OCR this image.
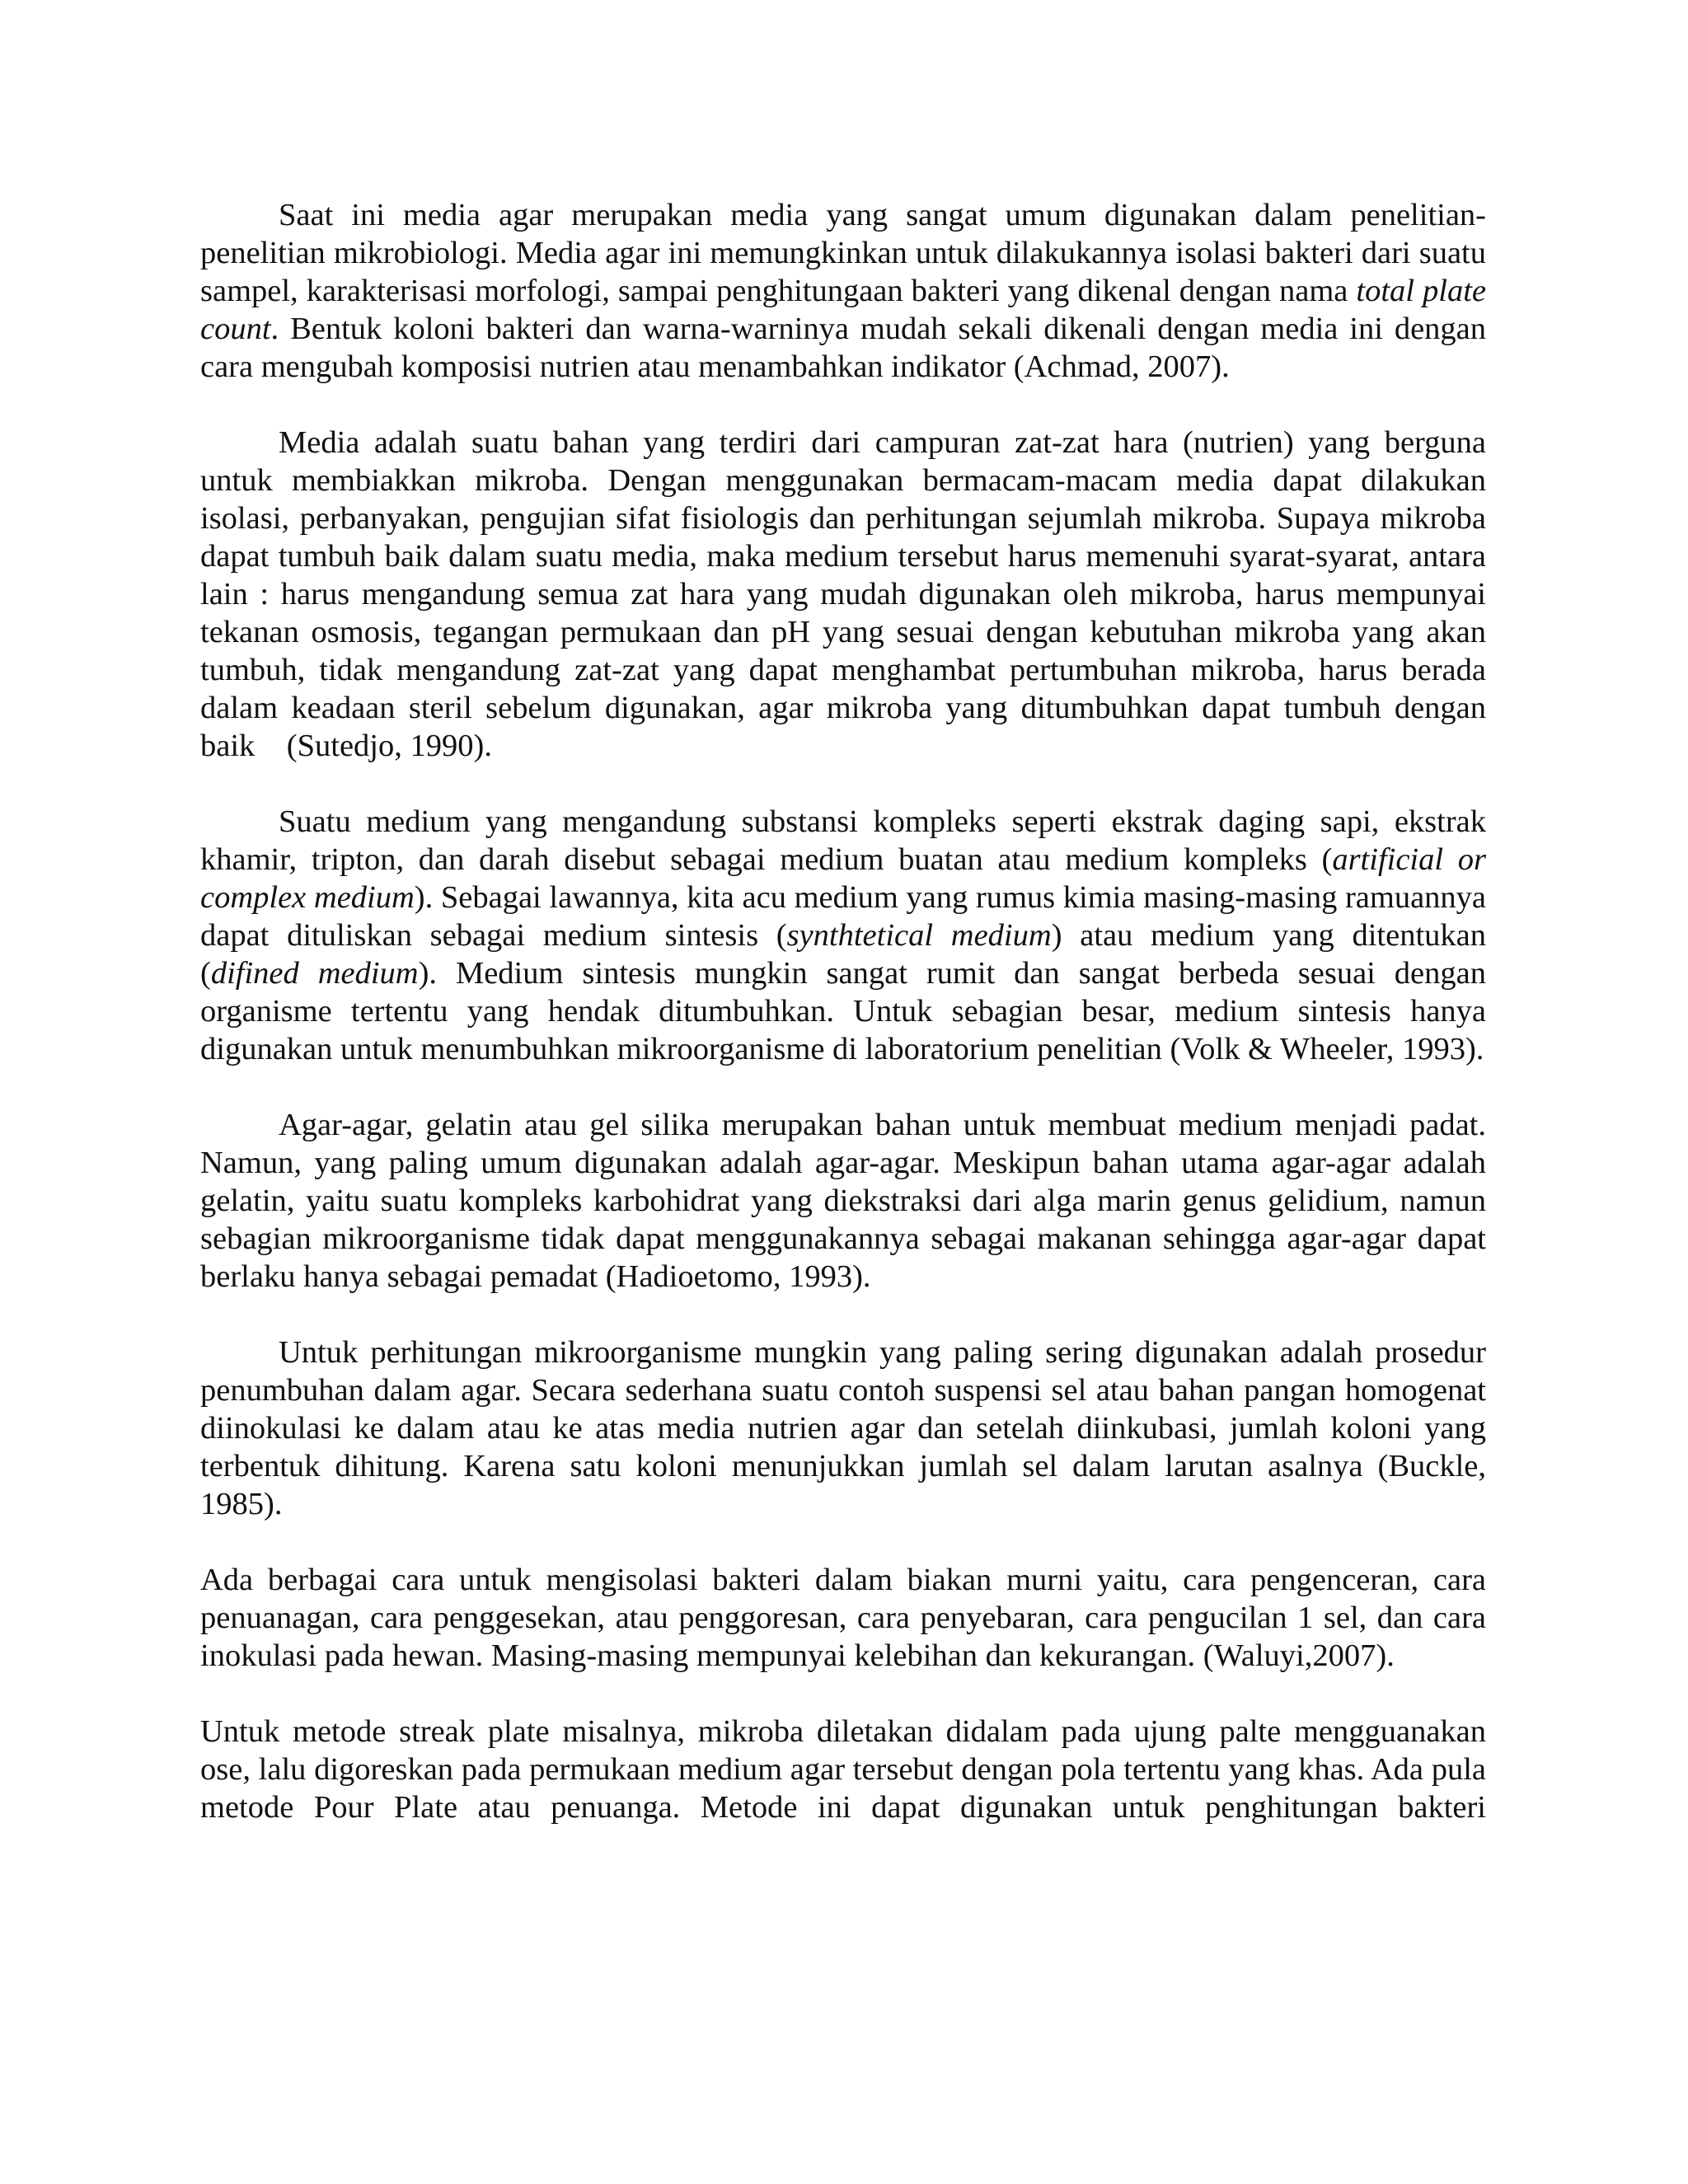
Saat ini media agar merupakan media yang sangat umum digunakan dalam penelitian-penelitian mikrobiologi. Media agar ini memungkinkan untuk dilakukannya isolasi bakteri dari suatu sampel, karakterisasi morfologi, sampai penghitungaan bakteri yang dikenal dengan nama total plate count. Bentuk koloni bakteri dan warna-warninya mudah sekali dikenali dengan media ini dengan cara mengubah komposisi nutrien atau menambahkan indikator (Achmad, 2007).

Media adalah suatu bahan yang terdiri dari campuran zat-zat hara (nutrien) yang berguna untuk membiakkan mikroba. Dengan menggunakan bermacam-macam media dapat dilakukan isolasi, perbanyakan, pengujian sifat fisiologis dan perhitungan sejumlah mikroba. Supaya mikroba dapat tumbuh baik dalam suatu media, maka medium tersebut harus memenuhi syarat-syarat, antara lain : harus mengandung semua zat hara yang mudah digunakan oleh mikroba, harus mempunyai tekanan osmosis, tegangan permukaan dan pH yang sesuai dengan kebutuhan mikroba yang akan tumbuh, tidak mengandung zat-zat yang dapat menghambat pertumbuhan mikroba, harus berada dalam keadaan steril sebelum digunakan, agar mikroba yang ditumbuhkan dapat tumbuh dengan baik    (Sutedjo, 1990).

Suatu medium yang mengandung substansi kompleks seperti ekstrak daging sapi, ekstrak khamir, tripton, dan darah disebut sebagai medium buatan atau medium kompleks (artificial or complex medium). Sebagai lawannya, kita acu medium yang rumus kimia masing-masing ramuannya dapat dituliskan sebagai medium sintesis (synthtetical medium) atau medium yang ditentukan (difined medium). Medium sintesis mungkin sangat rumit dan sangat berbeda sesuai dengan organisme tertentu yang hendak ditumbuhkan. Untuk sebagian besar, medium sintesis hanya digunakan untuk menumbuhkan mikroorganisme di laboratorium penelitian (Volk & Wheeler, 1993).

Agar-agar, gelatin atau gel silika merupakan bahan untuk membuat medium menjadi padat. Namun, yang paling umum digunakan adalah agar-agar. Meskipun bahan utama agar-agar adalah gelatin, yaitu suatu kompleks karbohidrat yang diekstraksi dari alga marin genus gelidium, namun sebagian mikroorganisme tidak dapat menggunakannya sebagai makanan sehingga agar-agar dapat berlaku hanya sebagai pemadat (Hadioetomo, 1993).

Untuk perhitungan mikroorganisme mungkin yang paling sering digunakan adalah prosedur penumbuhan dalam agar. Secara sederhana suatu contoh suspensi sel atau bahan pangan homogenat diinokulasi ke dalam atau ke atas media nutrien agar dan setelah diinkubasi, jumlah koloni yang terbentuk dihitung. Karena satu koloni menunjukkan jumlah sel dalam larutan asalnya (Buckle, 1985).

Ada berbagai cara untuk mengisolasi bakteri dalam biakan murni yaitu, cara pengenceran, cara penuanagan, cara penggesekan, atau penggoresan, cara penyebaran, cara pengucilan 1 sel, dan cara inokulasi pada hewan. Masing-masing mempunyai kelebihan dan kekurangan. (Waluyi,2007).

Untuk metode streak plate misalnya, mikroba diletakan didalam pada ujung palte mengguanakan ose, lalu digoreskan pada permukaan medium agar tersebut dengan pola tertentu yang khas. Ada pula metode Pour Plate atau penuanga. Metode ini dapat digunakan untuk penghitungan bakteri
